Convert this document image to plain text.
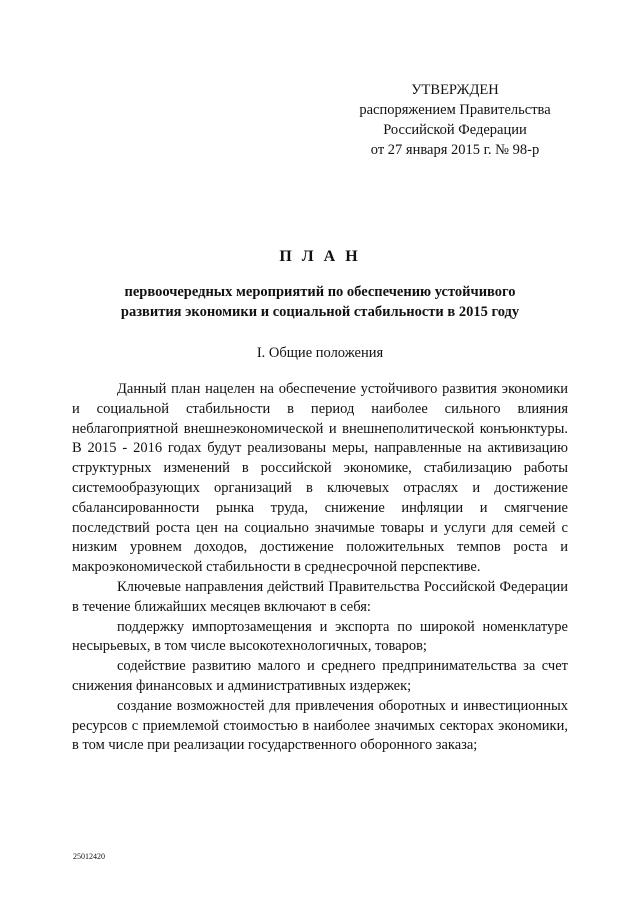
УТВЕРЖДЕН
распоряжением Правительства
Российской Федерации
от 27 января 2015 г. № 98-р
П Л А Н
первоочередных мероприятий по обеспечению устойчивого
развития экономики и социальной стабильности в 2015 году
I. Общие положения

Данный план нацелен на обеспечение устойчивого развития экономики и социальной стабильности в период наиболее сильного влияния неблагоприятной внешнеэкономической и внешнеполитической конъюнктуры. В 2015 - 2016 годах будут реализованы меры, направленные на активизацию структурных изменений в российской экономике, стабилизацию работы системообразующих организаций в ключевых отраслях и достижение сбалансированности рынка труда, снижение инфляции и смягчение последствий роста цен на социально значимые товары и услуги для семей с низким уровнем доходов, достижение положительных темпов роста и макроэкономической стабильности в среднесрочной перспективе.

Ключевые направления действий Правительства Российской Федерации в течение ближайших месяцев включают в себя:

поддержку импортозамещения и экспорта по широкой номенклатуре несырьевых, в том числе высокотехнологичных, товаров;

содействие развитию малого и среднего предпринимательства за счет снижения финансовых и административных издержек;

создание возможностей для привлечения оборотных и инвестиционных ресурсов с приемлемой стоимостью в наиболее значимых секторах экономики, в том числе при реализации государственного оборонного заказа;

25012420
